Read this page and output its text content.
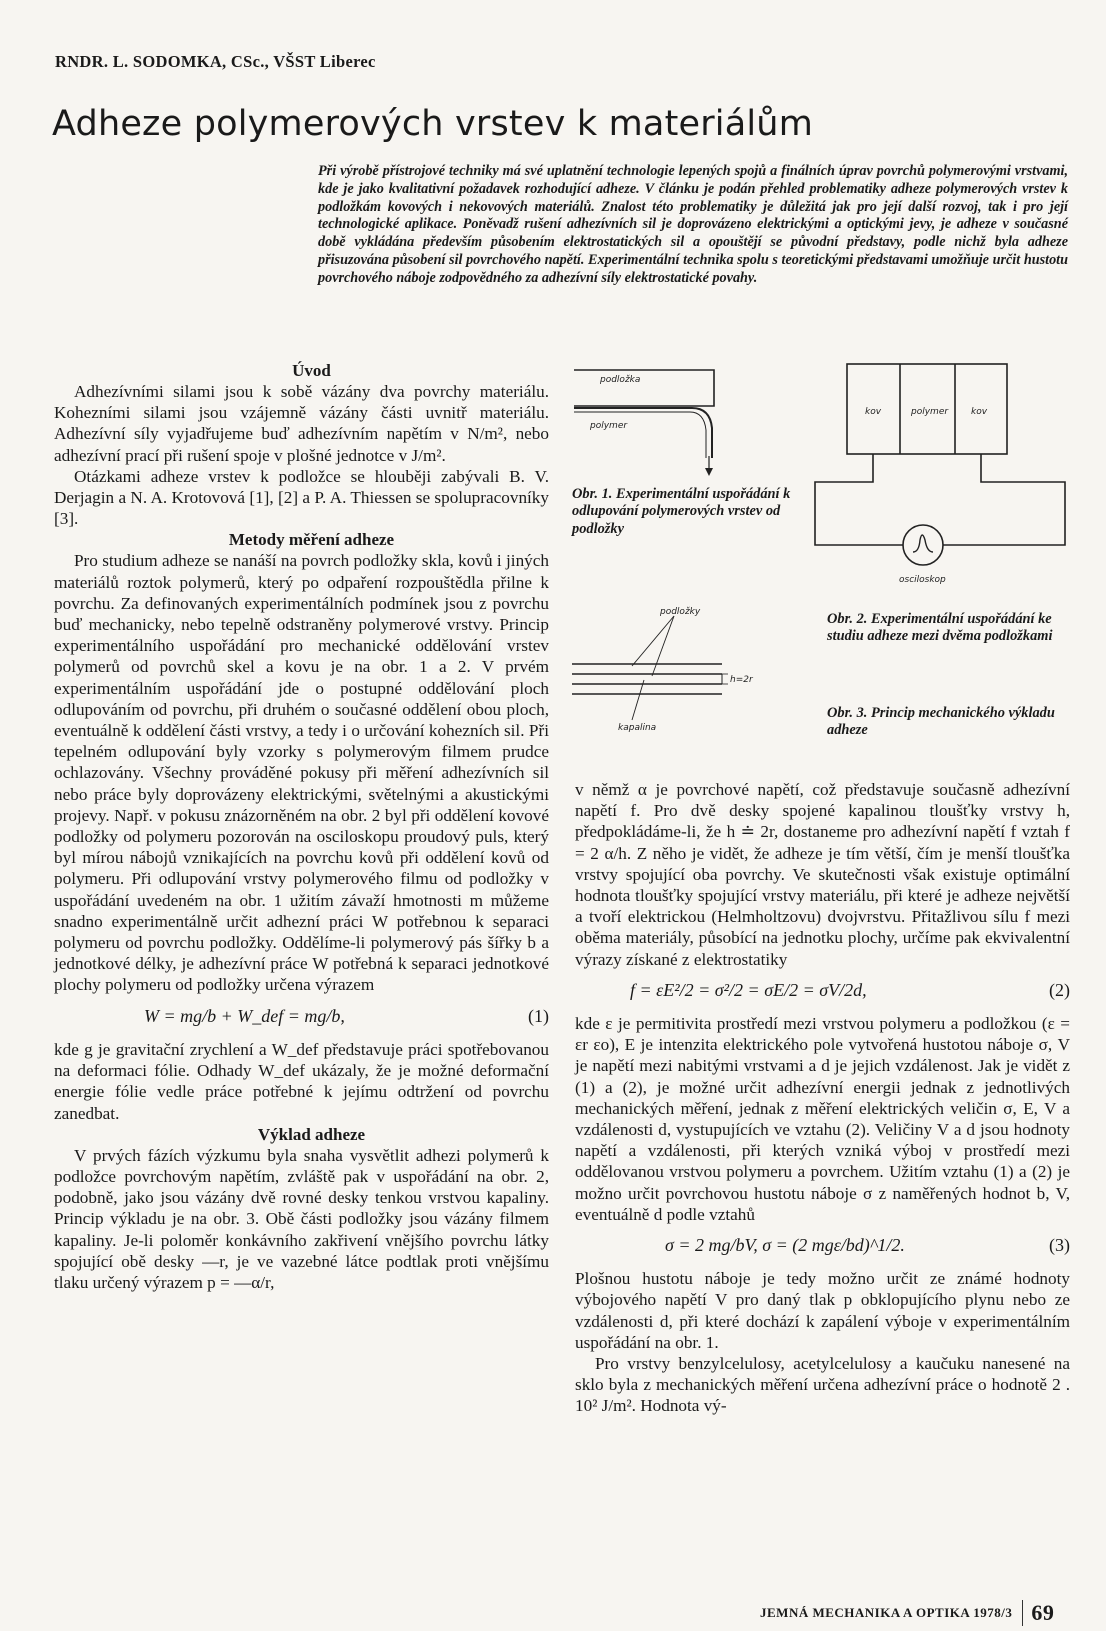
RNDR. L. SODOMKA, CSc., VŠST Liberec
Adheze polymerových vrstev k materiálům
Při výrobě přístrojové techniky má své uplatnění technologie lepených spojů a finálních úprav povrchů polymerovými vrstvami, kde je jako kvalitativní požadavek rozhodující adheze. V článku je podán přehled problematiky adheze polymerových vrstev k podložkám kovových i nekovových materiálů. Znalost této problematiky je důležitá jak pro její další rozvoj, tak i pro její technologické aplikace. Poněvadž rušení adhezívních sil je doprovázeno elektrickými a optickými jevy, je adheze v současné době vykládána především působením elektrostatických sil a opouštějí se původní představy, podle nichž byla adheze přisuzována působení sil povrchového napětí. Experimentální technika spolu s teoretickými představami umožňuje určit hustotu povrchového náboje zodpovědného za adhezívní síly elektrostatické povahy.

Úvod

Adhezívními silami jsou k sobě vázány dva povrchy materiálu. Kohezními silami jsou vzájemně vázány části uvnitř materiálu. Adhezívní síly vyjadřujeme buď adhezívním napětím v N/m², nebo adhezívní prací při rušení spoje v plošné jednotce v J/m².

Otázkami adheze vrstev k podložce se hlouběji zabývali B. V. Derjagin a N. A. Krotovová [1], [2] a P. A. Thiessen se spolupracovníky [3].

Metody měření adheze

Pro studium adheze se nanáší na povrch podložky skla, kovů i jiných materiálů roztok polymerů, který po odpaření rozpouštědla přilne k povrchu. Za definovaných experimentálních podmínek jsou z povrchu buď mechanicky, nebo tepelně odstraněny polymerové vrstvy. Princip experimentálního uspořádání pro mechanické oddělování vrstev polymerů od povrchů skel a kovu je na obr. 1 a 2. V prvém experimentálním uspořádání jde o postupné oddělování ploch odlupováním od povrchu, při druhém o současné oddělení obou ploch, eventuálně k oddělení části vrstvy, a tedy i o určování kohezních sil. Při tepelném odlupování byly vzorky s polymerovým filmem prudce ochlazovány. Všechny prováděné pokusy při měření adhezívních sil nebo práce byly doprovázeny elektrickými, světelnými a akustickými projevy. Např. v pokusu znázorněném na obr. 2 byl při oddělení kovové podložky od polymeru pozorován na osciloskopu proudový puls, který byl mírou nábojů vznikajících na povrchu kovů při oddělení kovů od polymeru. Při odlupování vrstvy polymerového filmu od podložky v uspořádání uvedeném na obr. 1 užitím závaží hmotnosti m můžeme snadno experimentálně určit adhezní práci W potřebnou k separaci polymeru od povrchu podložky. Oddělíme-li polymerový pás šířky b a jednotkové délky, je adhezívní práce W potřebná k separaci jednotkové plochy polymeru od podložky určena výrazem

W = mg/b + W_def = mg/b,	(1)

kde g je gravitační zrychlení a W_def představuje práci spotřebovanou na deformaci fólie. Odhady W_def ukázaly, že je možné deformační energie fólie vedle práce potřebné k jejímu odtržení od povrchu zanedbat.

Výklad adheze

V prvých fázích výzkumu byla snaha vysvětlit adhezi polymerů k podložce povrchovým napětím, zvláště pak v uspořádání na obr. 2, podobně, jako jsou vázány dvě rovné desky tenkou vrstvou kapaliny. Princip výkladu je na obr. 3. Obě části podložky jsou vázány filmem kapaliny. Je-li poloměr konkávního zakřivení vnějšího povrchu látky spojující obě desky —r, je ve vazebné látce podtlak proti vnějšímu tlaku určený výrazem p = —α/r,

podložka
polymer
Obr. 1. Experimentální uspořádání k odlupování polymerových vrstev od podložky
kov	polymer	kov
osciloskop
Obr. 2. Experimentální uspořádání ke studiu adheze mezi dvěma podložkami
podložky
h=2r
kapalina
Obr. 3. Princip mechanického výkladu adheze

v němž α je povrchové napětí, což představuje současně adhezívní napětí f. Pro dvě desky spojené kapalinou tloušťky vrstvy h, předpokládáme-li, že h ≐ 2r, dostaneme pro adhezívní napětí f vztah f = 2 α/h. Z něho je vidět, že adheze je tím větší, čím je menší tloušťka vrstvy spojující oba povrchy. Ve skutečnosti však existuje optimální hodnota tloušťky spojující vrstvy materiálu, při které je adheze největší a tvoří elektrickou (Helmholtzovu) dvojvrstvu. Přitažlivou sílu f mezi oběma materiály, působící na jednotku plochy, určíme pak ekvivalentní výrazy získané z elektrostatiky

f = εE²/2 = σ²/2 = σE/2 = σV/2d,	(2)

kde ε je permitivita prostředí mezi vrstvou polymeru a podložkou (ε = εr εo), E je intenzita elektrického pole vytvořená hustotou náboje σ, V je napětí mezi nabitými vrstvami a d je jejich vzdálenost. Jak je vidět z (1) a (2), je možné určit adhezívní energii jednak z jednotlivých mechanických měření, jednak z měření elektrických veličin σ, E, V a vzdálenosti d, vystupujících ve vztahu (2). Veličiny V a d jsou hodnoty napětí a vzdálenosti, při kterých vzniká výboj v prostředí mezi oddělovanou vrstvou polymeru a povrchem. Užitím vztahu (1) a (2) je možno určit povrchovou hustotu náboje σ z naměřených hodnot b, V, eventuálně d podle vztahů

σ = 2 mg/bV, σ = (2 mgε/bd)^1/2.	(3)

Plošnou hustotu náboje je tedy možno určit ze známé hodnoty výbojového napětí V pro daný tlak p obklopujícího plynu nebo ze vzdálenosti d, při které dochází k zapálení výboje v experimentálním uspořádání na obr. 1.

Pro vrstvy benzylcelulosy, acetylcelulosy a kaučuku nanesené na sklo byla z mechanických měření určena adhezívní práce o hodnotě 2 . 10² J/m². Hodnota vý-

JEMNÁ MECHANIKA A OPTIKA 1978/3 69
